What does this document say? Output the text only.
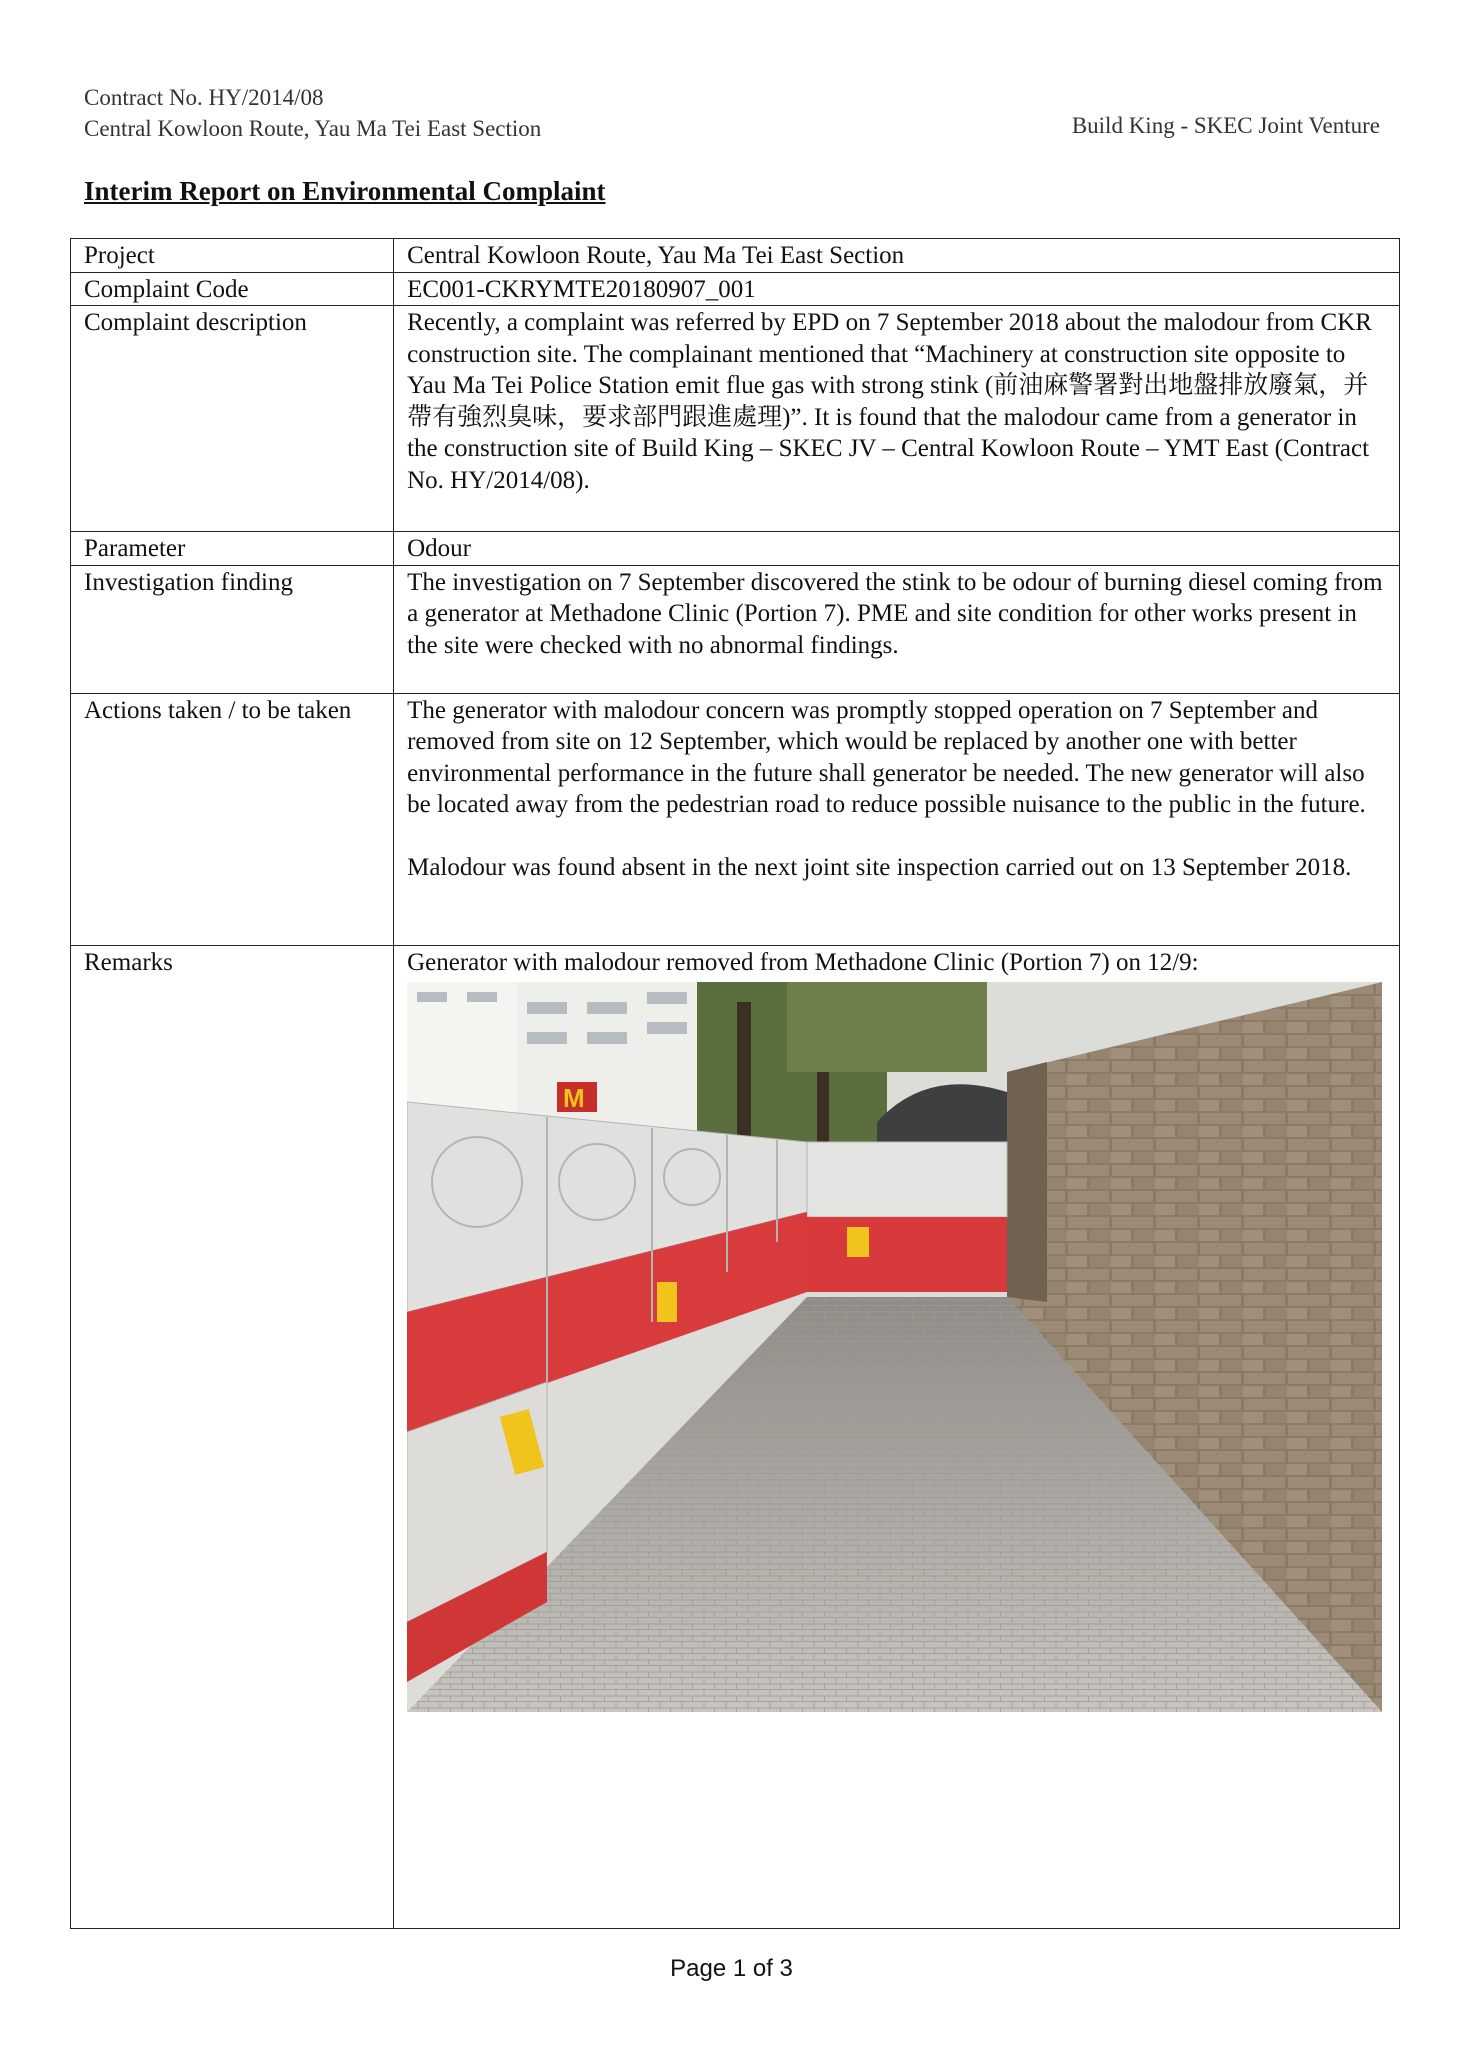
Contract No. HY/2014/08
Central Kowloon Route, Yau Ma Tei East Section	Build King - SKEC Joint Venture
Interim Report on Environmental Complaint
Project	Central Kowloon Route, Yau Ma Tei East Section
Complaint Code	EC001-CKRYMTE20180907_001
Complaint description	Recently, a complaint was referred by EPD on 7 September 2018 about the malodour from CKR construction site. The complainant mentioned that “Machinery at construction site opposite to Yau Ma Tei Police Station emit flue gas with strong stink (前油麻警署對出地盤排放廢氣，并帶有強烈臭味，要求部門跟進處理)”. It is found that the malodour came from a generator in the construction site of Build King – SKEC JV – Central Kowloon Route – YMT East (Contract No. HY/2014/08).
Parameter	Odour
Investigation finding	The investigation on 7 September discovered the stink to be odour of burning diesel coming from a generator at Methadone Clinic (Portion 7). PME and site condition for other works present in the site were checked with no abnormal findings.
Actions taken / to be taken	The generator with malodour concern was promptly stopped operation on 7 September and removed from site on 12 September, which would be replaced by another one with better environmental performance in the future shall generator be needed. The new generator will also be located away from the pedestrian road to reduce possible nuisance to the public in the future.

Malodour was found absent in the next joint site inspection carried out on 13 September 2018.

Remarks	Generator with malodour removed from Methadone Clinic (Portion 7) on 12/9:
M
Page 1 of 3
